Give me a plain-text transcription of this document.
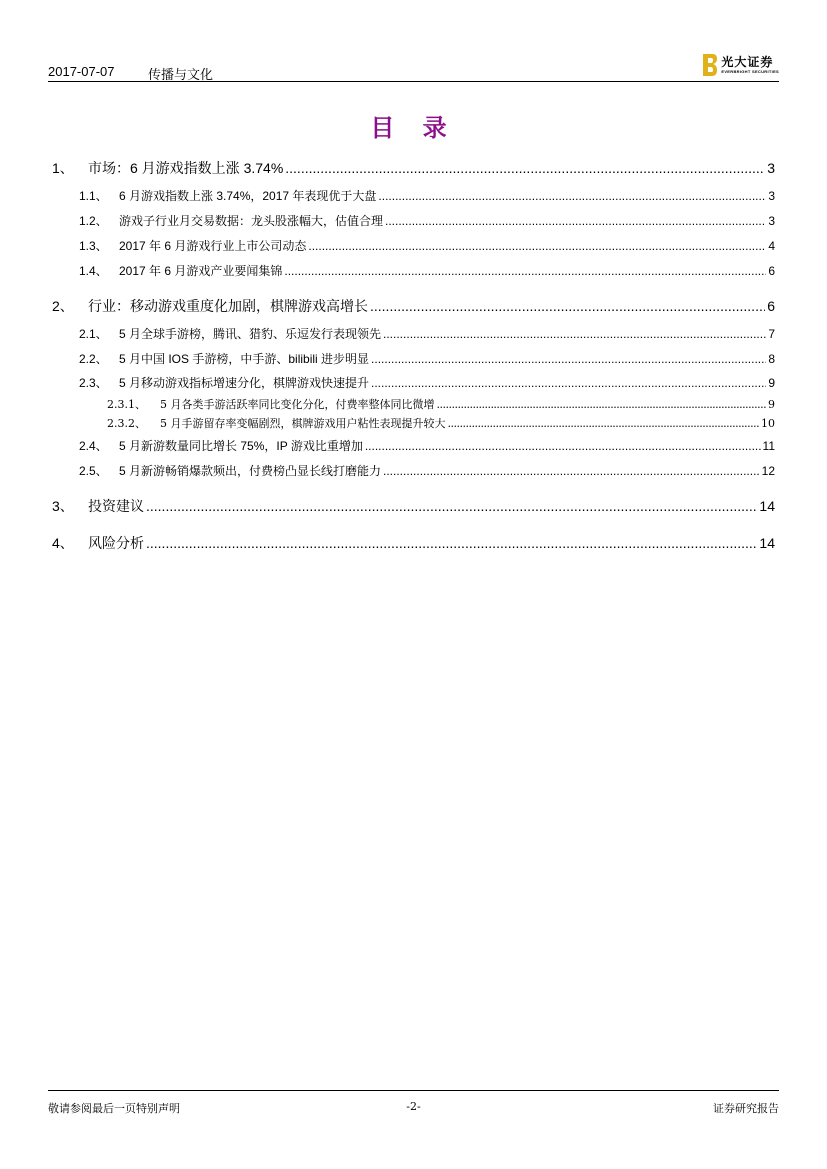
2017-07-07	传播与文化
光大证券
EVERBRIGHT SECURITIES
目 录
1、	市场：6 月游戏指数上涨 3.74% .....	3
1.1、 6 月游戏指数上涨 3.74%，2017 年表现优于大盘 .....	3
1.2、 游戏子行业月交易数据：龙头股涨幅大，估值合理 .....	3
1.3、 2017 年 6 月游戏行业上市公司动态 .....	4
1.4、 2017 年 6 月游戏产业要闻集锦 .....	6
2、	行业：移动游戏重度化加剧，棋牌游戏高增长 .....	6
2.1、 5 月全球手游榜，腾讯、猎豹、乐逗发行表现领先 .....	7
2.2、 5 月中国 IOS 手游榜，中手游、bilibili 进步明显 .....	8
2.3、 5 月移动游戏指标增速分化，棋牌游戏快速提升 .....	9
2.3.1、	5 月各类手游活跃率同比变化分化，付费率整体同比微增 .....	9
2.3.2、	5 月手游留存率变幅剧烈，棋牌游戏用户粘性表现提升较大 .....	10
2.4、 5 月新游数量同比增长 75%，IP 游戏比重增加 .....	11
2.5、 5 月新游畅销爆款频出，付费榜凸显长线打磨能力 .....	12
3、	投资建议 .....	14
4、	风险分析 .....	14
敬请参阅最后一页特别声明	-2-	证券研究报告
